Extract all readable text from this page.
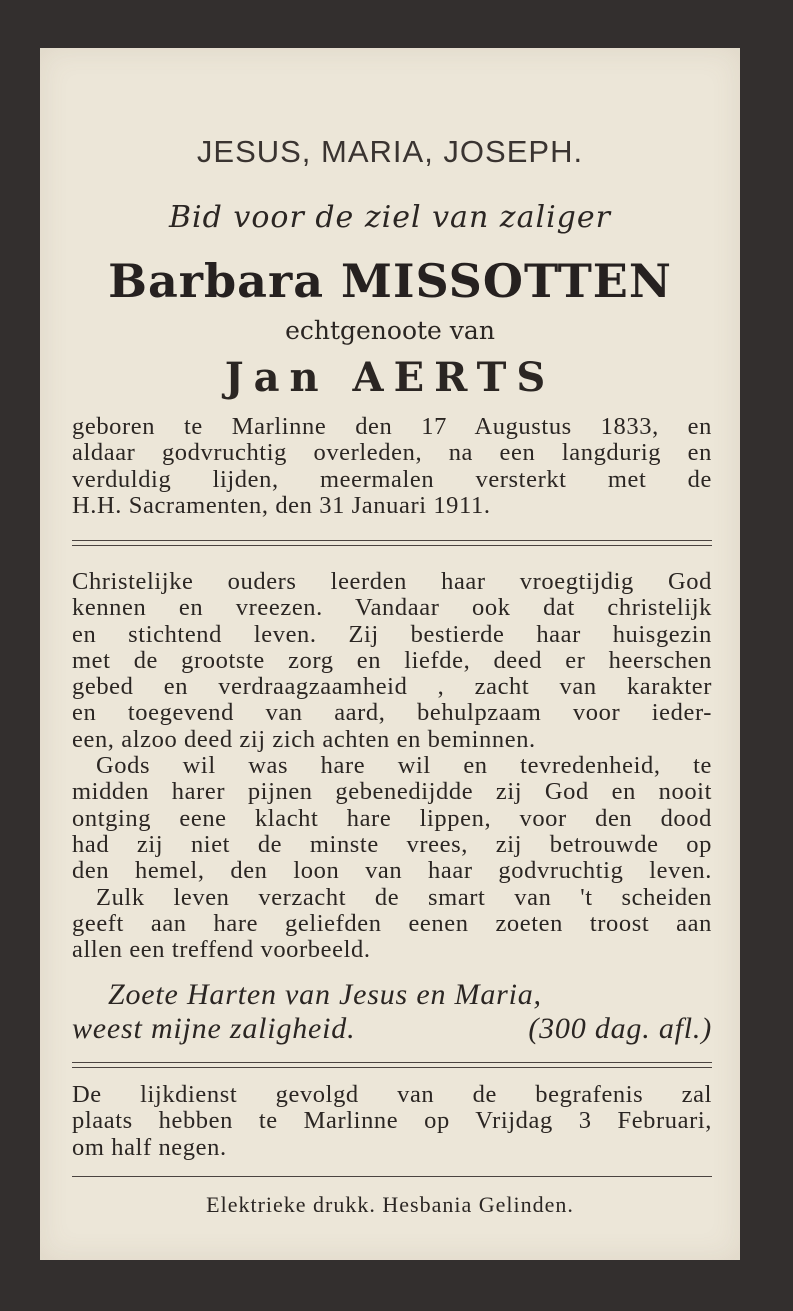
JESUS, MARIA, JOSEPH.
Bid voor de ziel van zaliger
Barbara MISSOTTEN
echtgenoote van
Jan AERTS
geboren te Marlinne den 17 Augustus 1833, en
aldaar godvruchtig overleden, na een langdurig en
verduldig lijden, meermalen versterkt met de
H.H. Sacramenten, den 31 Januari 1911.
Christelijke ouders leerden haar vroegtijdig God
kennen en vreezen. Vandaar ook dat christelijk
en stichtend leven. Zij bestierde haar huisgezin
met de grootste zorg en liefde, deed er heerschen
gebed en verdraagzaamheid , zacht van karakter
en toegevend van aard, behulpzaam voor ieder-
een, alzoo deed zij zich achten en beminnen.
Gods wil was hare wil en tevredenheid, te
midden harer pijnen gebenedijdde zij God en nooit
ontging eene klacht hare lippen, voor den dood
had zij niet de minste vrees, zij betrouwde op
den hemel, den loon van haar godvruchtig leven.
Zulk leven verzacht de smart van 't scheiden
geeft aan hare geliefden eenen zoeten troost aan
allen een treffend voorbeeld.
Zoete Harten van Jesus en Maria,
weest mijne zaligheid.	(300 dag. afl.)
De lijkdienst gevolgd van de begrafenis zal
plaats hebben te Marlinne op Vrijdag 3 Februari,
om half negen.
Elektrieke drukk. Hesbania Gelinden.
